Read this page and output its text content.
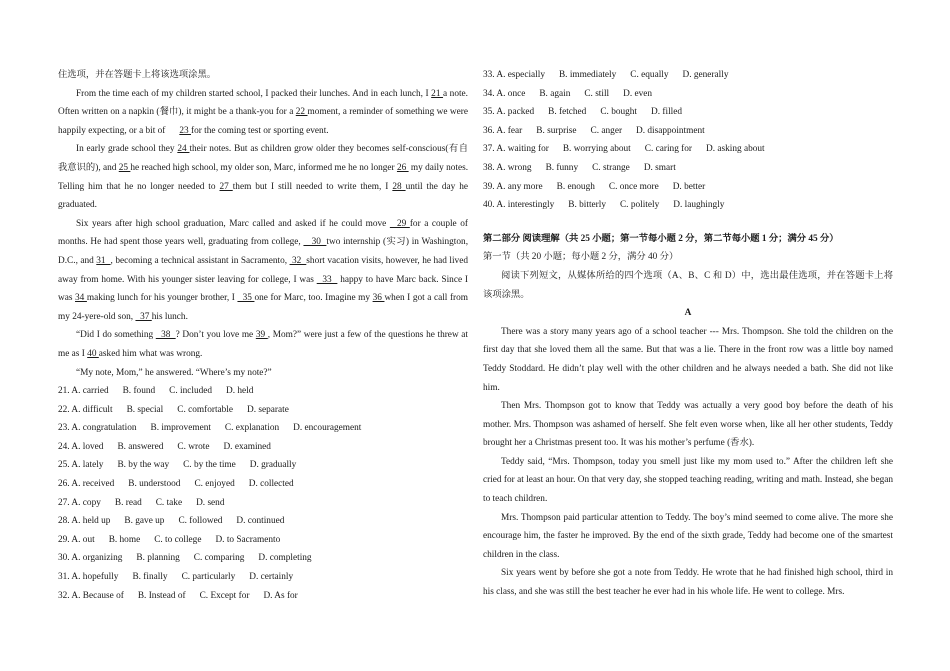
住选项，并在答题卡上将该选项涂黑。

From the time each of my children started school, I packed their lunches. And in each lunch, I 21 a note. Often written on a napkin (餐巾), it might be a thank-you for a 22 moment, a reminder of something we were happily expecting, or a bit of      23 for the coming test or sporting event.

In early grade school they 24 their notes. But as children grow older they becomes self-conscious(有自我意识的), and 25 he reached high school, my older son, Marc, informed me he no longer 26  my daily notes. Telling him that he no longer needed to 27 them but I still needed to write them, I 28 until the day he graduated.

Six years after high school graduation, Marc called and asked if he could move   29 for a couple of months. He had spent those years well, graduating from college,    30  two internship (实习) in Washington, D.C., and 31  , becoming a technical assistant in Sacramento,  32  short vacation visits, however, he had lived away from home. With his younger sister leaving for college, I was   33   happy to have Marc back. Since I was 34 making lunch for his younger brother, I   35 one for Marc, too. Imagine my 36 when I got a call from my 24-yere-old son,   37 his lunch.

“Did I do something   38  ? Don’t you love me 39 , Mom?” were just a few of the questions he threw at me as I 40 asked him what was wrong.

“My note, Mom,” he answered. “Where’s my note?”

21. A. carried B. found C. included D. held
22. A. difficult B. special C. comfortable D. separate
23. A. congratulation B. improvement C. explanation D. encouragement
24. A. loved B. answered C. wrote D. examined
25. A. lately B. by the way C. by the time D. gradually
26. A. received B. understood C. enjoyed D. collected
27. A. copy B. read C. take D. send
28. A. held up B. gave up C. followed D. continued
29. A. out B. home C. to college D. to Sacramento
30. A. organizing B. planning C. comparing D. completing
31. A. hopefully B. finally C. particularly D. certainly
32. A. Because of B. Instead of C. Except for D. As for
33. A. especially B. immediately C. equally D. generally
34. A. once B. again C. still D. even
35. A. packed B. fetched C. bought D. filled
36. A. fear B. surprise C. anger D. disappointment
37. A. waiting for B. worrying about C. caring for D. asking about
38. A. wrong B. funny C. strange D. smart
39. A. any more B. enough C. once more D. better
40. A. interestingly B. bitterly C. politely D. laughingly

第二部分 阅读理解（共 25 小题；第一节每小题 2 分，第二节每小题 1 分；满分 45 分）

第一节（共 20 小题；每小题 2 分，满分 40 分）

阅读下列短文，从媒体所给的四个选项（A、B、C 和 D）中，选出最佳选项，并在答题卡上将该项涂黑。

A

There was a story many years ago of a school teacher --- Mrs. Thompson. She told the children on the first day that she loved them all the same. But that was a lie. There in the front row was a little boy named Teddy Stoddard. He didn’t play well with the other children and he always needed a bath. She did not like him.

Then Mrs. Thompson got to know that Teddy was actually a very good boy before the death of his mother. Mrs. Thompson was ashamed of herself. She felt even worse when, like all her other students, Teddy brought her a Christmas present too. It was his mother’s perfume (香水).

Teddy said, “Mrs. Thompson, today you smell just like my mom used to.” After the children left she cried for at least an hour. On that very day, she stopped teaching reading, writing and math. Instead, she began to teach children.

Mrs. Thompson paid particular attention to Teddy. The boy’s mind seemed to come alive. The more she encourage him, the faster he improved. By the end of the sixth grade, Teddy had become one of the smartest children in the class.

Six years went by before she got a note from Teddy. He wrote that he had finished high school, third in his class, and she was still the best teacher he ever had in his whole life. He went to college. Mrs.
